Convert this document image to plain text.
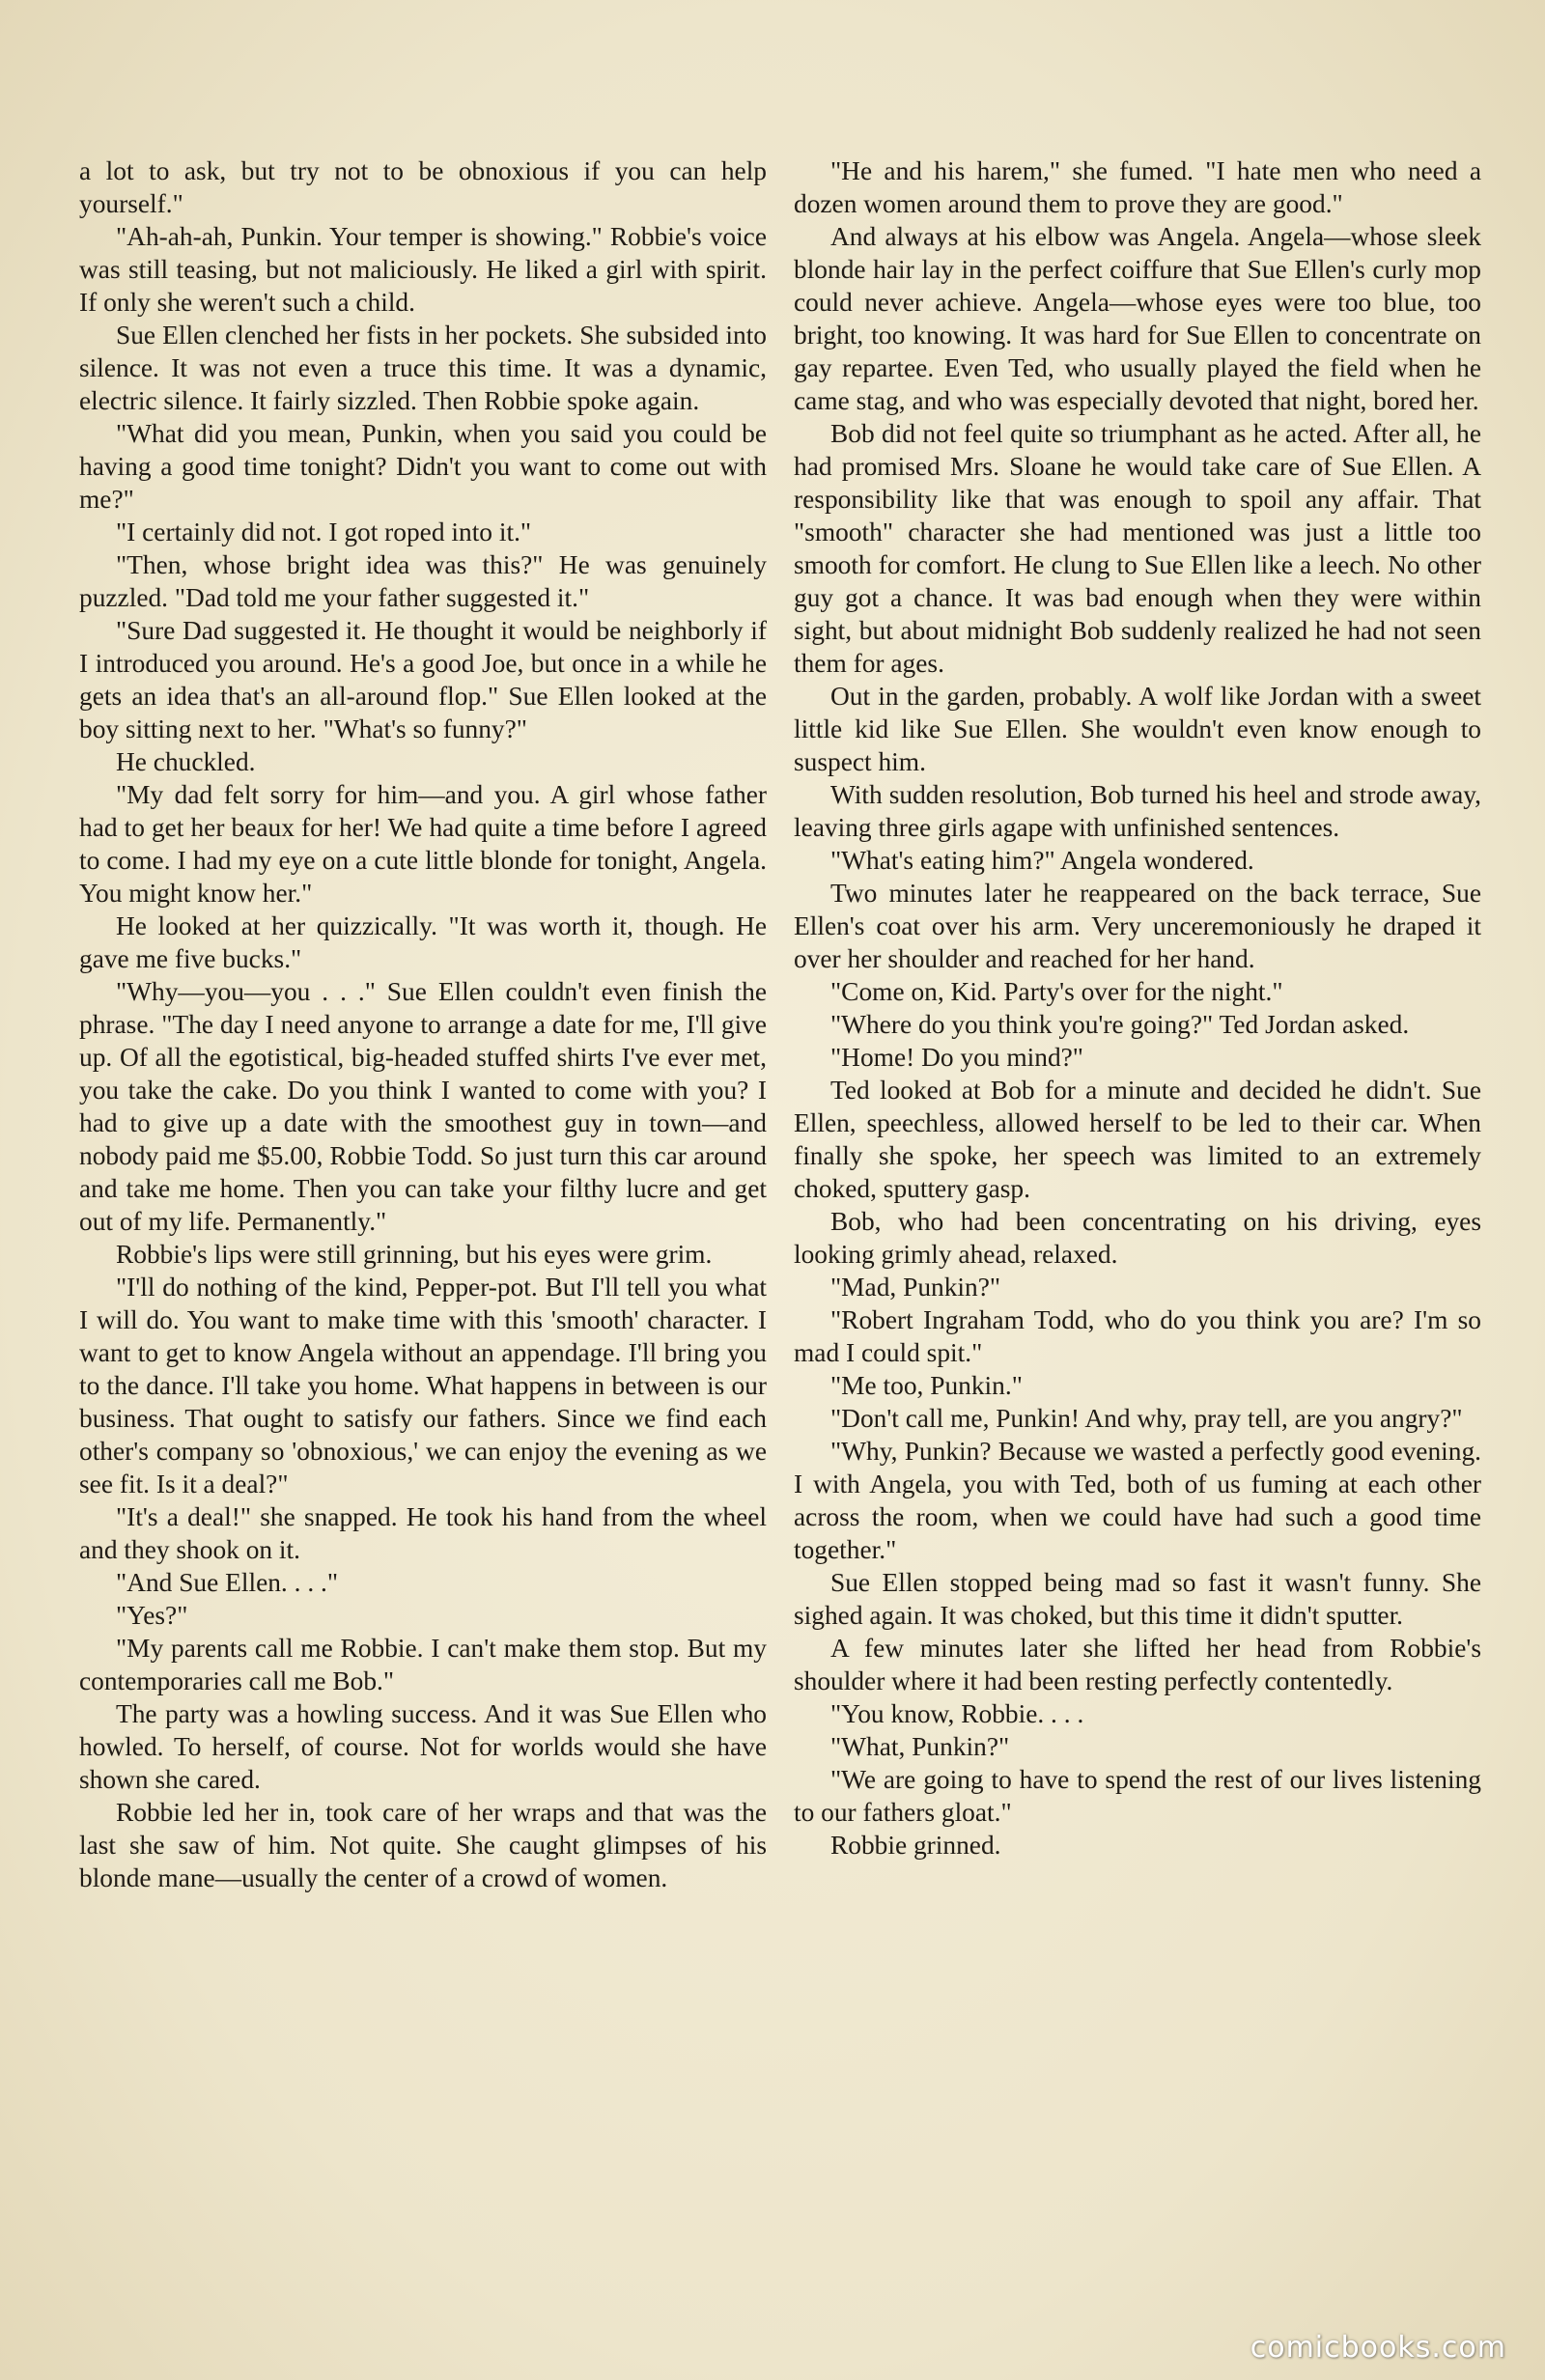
a lot to ask, but try not to be obnoxious if you can help yourself."

"Ah-ah-ah, Punkin. Your temper is showing." Robbie's voice was still teasing, but not maliciously. He liked a girl with spirit. If only she weren't such a child.

Sue Ellen clenched her fists in her pockets. She subsided into silence. It was not even a truce this time. It was a dynamic, electric silence. It fairly sizzled. Then Robbie spoke again.

"What did you mean, Punkin, when you said you could be having a good time tonight? Didn't you want to come out with me?"

"I certainly did not. I got roped into it."

"Then, whose bright idea was this?" He was genuinely puzzled. "Dad told me your father suggested it."

"Sure Dad suggested it. He thought it would be neighborly if I introduced you around. He's a good Joe, but once in a while he gets an idea that's an all-around flop." Sue Ellen looked at the boy sitting next to her. "What's so funny?"

He chuckled.

"My dad felt sorry for him—and you. A girl whose father had to get her beaux for her! We had quite a time before I agreed to come. I had my eye on a cute little blonde for tonight, Angela. You might know her."

He looked at her quizzically. "It was worth it, though. He gave me five bucks."

"Why—you—you . . ." Sue Ellen couldn't even finish the phrase. "The day I need anyone to arrange a date for me, I'll give up. Of all the egotistical, big-headed stuffed shirts I've ever met, you take the cake. Do you think I wanted to come with you? I had to give up a date with the smoothest guy in town—and nobody paid me $5.00, Robbie Todd. So just turn this car around and take me home. Then you can take your filthy lucre and get out of my life. Permanently."

Robbie's lips were still grinning, but his eyes were grim.

"I'll do nothing of the kind, Pepper-pot. But I'll tell you what I will do. You want to make time with this 'smooth' character. I want to get to know Angela without an appendage. I'll bring you to the dance. I'll take you home. What happens in between is our business. That ought to satisfy our fathers. Since we find each other's company so 'obnoxious,' we can enjoy the evening as we see fit. Is it a deal?"

"It's a deal!" she snapped. He took his hand from the wheel and they shook on it.

"And Sue Ellen. . . ."

"Yes?"

"My parents call me Robbie. I can't make them stop. But my contemporaries call me Bob."

The party was a howling success. And it was Sue Ellen who howled. To herself, of course. Not for worlds would she have shown she cared.

Robbie led her in, took care of her wraps and that was the last she saw of him. Not quite. She caught glimpses of his blonde mane—usually the center of a crowd of women.

"He and his harem," she fumed. "I hate men who need a dozen women around them to prove they are good."

And always at his elbow was Angela. Angela—whose sleek blonde hair lay in the perfect coiffure that Sue Ellen's curly mop could never achieve. Angela—whose eyes were too blue, too bright, too knowing. It was hard for Sue Ellen to concentrate on gay repartee. Even Ted, who usually played the field when he came stag, and who was especially devoted that night, bored her.

Bob did not feel quite so triumphant as he acted. After all, he had promised Mrs. Sloane he would take care of Sue Ellen. A responsibility like that was enough to spoil any affair. That "smooth" character she had mentioned was just a little too smooth for comfort. He clung to Sue Ellen like a leech. No other guy got a chance. It was bad enough when they were within sight, but about midnight Bob suddenly realized he had not seen them for ages.

Out in the garden, probably. A wolf like Jordan with a sweet little kid like Sue Ellen. She wouldn't even know enough to suspect him.

With sudden resolution, Bob turned his heel and strode away, leaving three girls agape with unfinished sentences.

"What's eating him?" Angela wondered.

Two minutes later he reappeared on the back terrace, Sue Ellen's coat over his arm. Very unceremoniously he draped it over her shoulder and reached for her hand.

"Come on, Kid. Party's over for the night."

"Where do you think you're going?" Ted Jordan asked.

"Home! Do you mind?"

Ted looked at Bob for a minute and decided he didn't. Sue Ellen, speechless, allowed herself to be led to their car. When finally she spoke, her speech was limited to an extremely choked, sputtery gasp.

Bob, who had been concentrating on his driving, eyes looking grimly ahead, relaxed.

"Mad, Punkin?"

"Robert Ingraham Todd, who do you think you are? I'm so mad I could spit."

"Me too, Punkin."

"Don't call me, Punkin! And why, pray tell, are you angry?"

"Why, Punkin? Because we wasted a perfectly good evening. I with Angela, you with Ted, both of us fuming at each other across the room, when we could have had such a good time together."

Sue Ellen stopped being mad so fast it wasn't funny. She sighed again. It was choked, but this time it didn't sputter.

A few minutes later she lifted her head from Robbie's shoulder where it had been resting perfectly contentedly.

"You know, Robbie. . . .

"What, Punkin?"

"We are going to have to spend the rest of our lives listening to our fathers gloat."

Robbie grinned.

comicbooks.com
